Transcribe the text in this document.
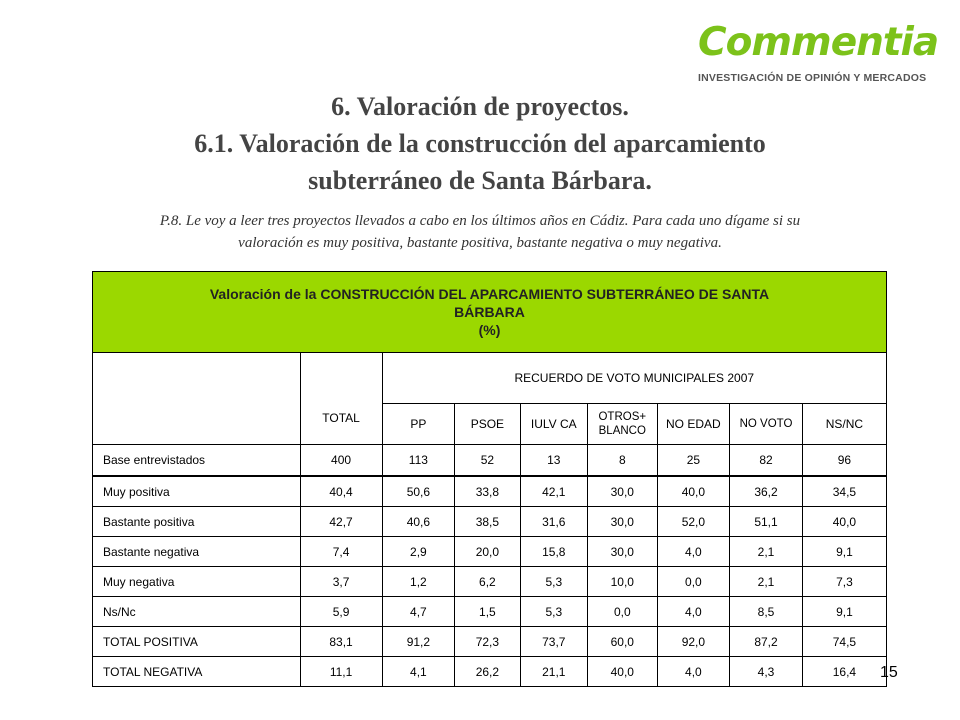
Commentia
INVESTIGACIÓN DE OPINIÓN Y MERCADOS
6. Valoración de proyectos.
6.1. Valoración de la construcción del aparcamiento
subterráneo de Santa Bárbara.
P.8. Le voy a leer tres proyectos llevados a cabo en los últimos años en Cádiz. Para cada uno dígame si su
valoración es muy positiva, bastante positiva, bastante negativa o muy negativa.
Valoración de la CONSTRUCCIÓN DEL APARCAMIENTO SUBTERRÁNEO DE SANTA
BÁRBARA
(%)								

	TOTAL	RECUERDO DE VOTO MUNICIPALES 2007						
		PP	PSOE	IULV CA	OTROS+ BLANCO	NO EDAD	NO VOTO	NS/NC
Base entrevistados	400	113	52	13	8	25	82	96
Muy positiva	40,4	50,6	33,8	42,1	30,0	40,0	36,2	34,5
Bastante positiva	42,7	40,6	38,5	31,6	30,0	52,0	51,1	40,0
Bastante negativa	7,4	2,9	20,0	15,8	30,0	4,0	2,1	9,1
Muy negativa	3,7	1,2	6,2	5,3	10,0	0,0	2,1	7,3
Ns/Nc	5,9	4,7	1,5	5,3	0,0	4,0	8,5	9,1
TOTAL POSITIVA	83,1	91,2	72,3	73,7	60,0	92,0	87,2	74,5
TOTAL NEGATIVA	11,1	4,1	26,2	21,1	40,0	4,0	4,3	16,4 15
